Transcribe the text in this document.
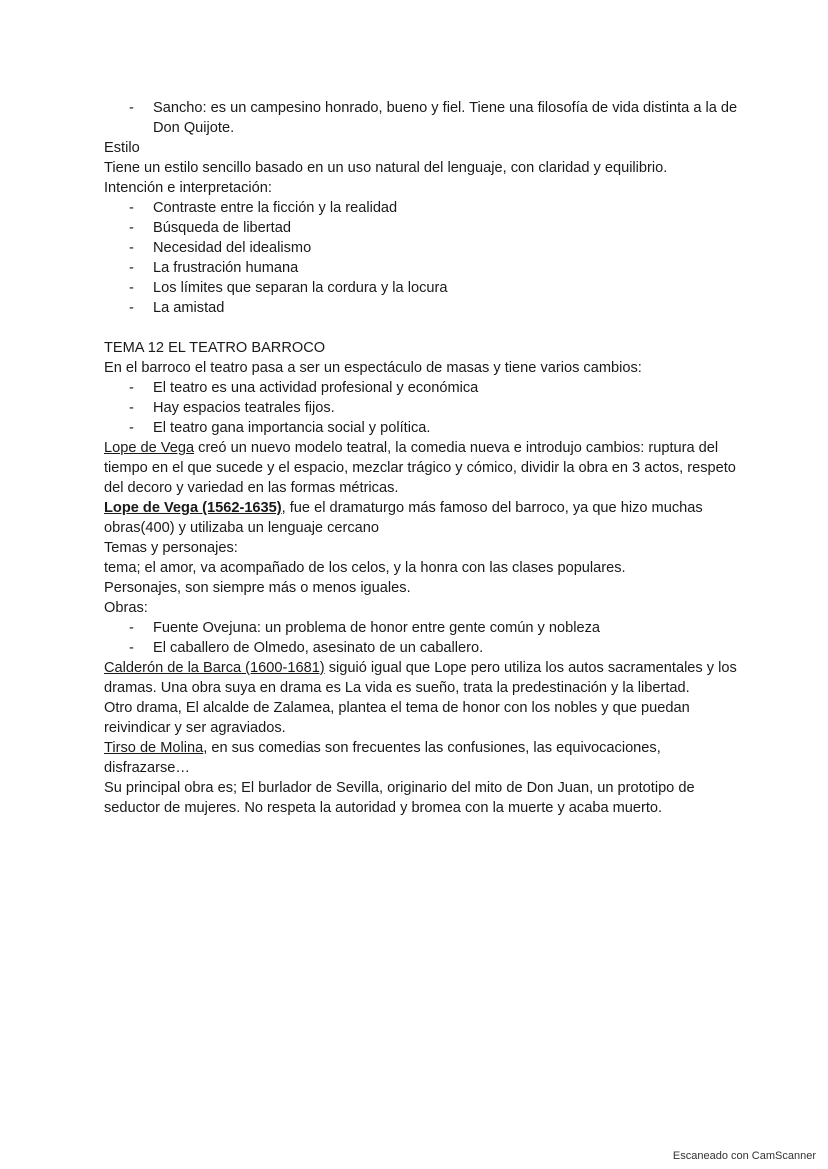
- Sancho: es un campesino honrado, bueno y fiel. Tiene una filosofía de vida distinta a la de Don Quijote.

Estilo

Tiene un estilo sencillo basado en un uso natural del lenguaje, con claridad y equilibrio.

Intención e interpretación:

- Contraste entre la ficción y la realidad
- Búsqueda de libertad
- Necesidad del idealismo
- La frustración humana
- Los límites que separan la cordura y la locura
- La amistad

TEMA 12 EL TEATRO BARROCO

En el barroco el teatro pasa a ser un espectáculo de masas y tiene varios cambios:

- El teatro es una actividad profesional y económica
- Hay espacios teatrales fijos.
- El teatro gana importancia social y política.

Lope de Vega creó un nuevo modelo teatral, la comedia nueva e introdujo cambios: ruptura del tiempo en el que sucede y el espacio, mezclar trágico y cómico, dividir la obra en 3 actos, respeto del decoro y variedad en las formas métricas.

Lope de Vega (1562-1635), fue el dramaturgo más famoso del barroco, ya que hizo muchas obras(400) y utilizaba un lenguaje cercano

Temas y personajes:

tema; el amor, va acompañado de los celos, y la honra con las clases populares.

Personajes, son siempre más o menos iguales.

Obras:

- Fuente Ovejuna: un problema de honor entre gente común y nobleza
- El caballero de Olmedo, asesinato de un caballero.

Calderón de la Barca (1600-1681) siguió igual que Lope pero utiliza los autos sacramentales y los dramas. Una obra suya en drama es La vida es sueño, trata la predestinación y la libertad.

Otro drama, El alcalde de Zalamea, plantea el tema de honor con los nobles y que puedan reivindicar y ser agraviados.

Tirso de Molina, en sus comedias son frecuentes las confusiones, las equivocaciones, disfrazarse…

Su principal obra es; El burlador de Sevilla, originario del mito de Don Juan, un prototipo de seductor de mujeres. No respeta la autoridad y bromea con la muerte y acaba muerto.

Escaneado con CamScanner
